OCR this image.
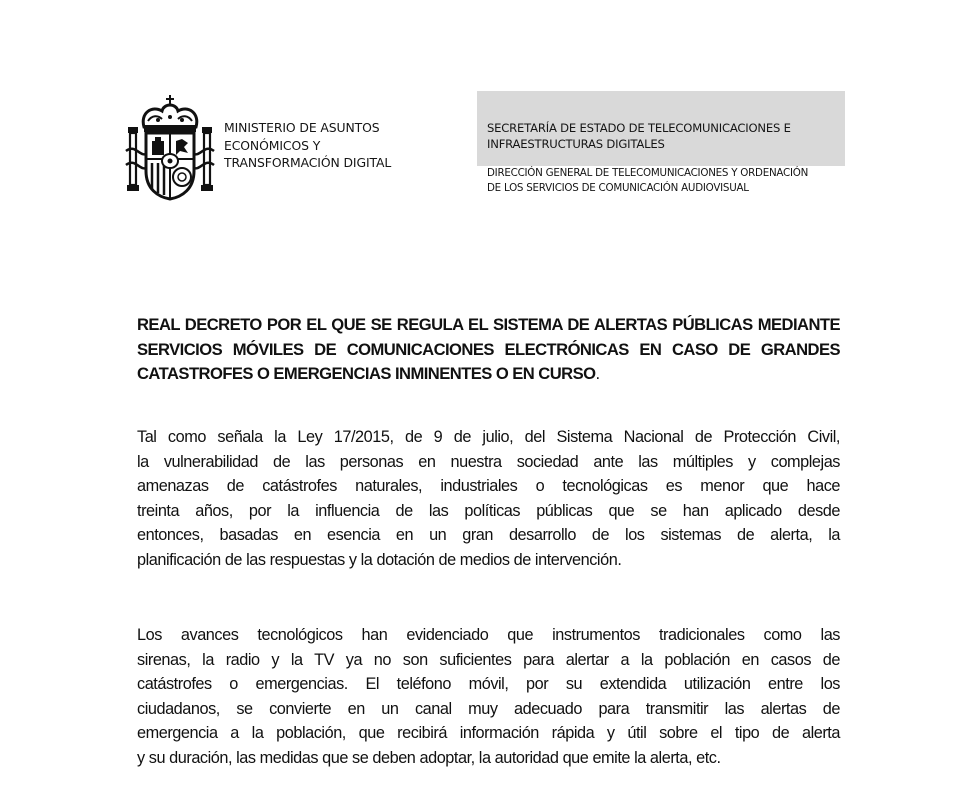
MINISTERIO DE ASUNTOS
ECONÓMICOS Y
TRANSFORMACIÓN DIGITAL
SECRETARÍA DE ESTADO DE TELECOMUNICACIONES E
INFRAESTRUCTURAS DIGITALES
DIRECCIÓN GENERAL DE TELECOMUNICACIONES Y ORDENACIÓN
DE LOS SERVICIOS DE COMUNICACIÓN AUDIOVISUAL
REAL DECRETO POR EL QUE SE REGULA EL SISTEMA DE ALERTAS PÚBLICAS MEDIANTE
SERVICIOS MÓVILES DE COMUNICACIONES ELECTRÓNICAS EN CASO DE GRANDES
CATASTROFES O EMERGENCIAS INMINENTES O EN CURSO.
Tal como señala la Ley 17/2015, de 9 de julio, del Sistema Nacional de Protección Civil,
la vulnerabilidad de las personas en nuestra sociedad ante las múltiples y complejas
amenazas de catástrofes naturales, industriales o tecnológicas es menor que hace
treinta años, por la influencia de las políticas públicas que se han aplicado desde
entonces, basadas en esencia en un gran desarrollo de los sistemas de alerta, la
planificación de las respuestas y la dotación de medios de intervención.
Los avances tecnológicos han evidenciado que instrumentos tradicionales como las
sirenas, la radio y la TV ya no son suficientes para alertar a la población en casos de
catástrofes o emergencias. El teléfono móvil, por su extendida utilización entre los
ciudadanos, se convierte en un canal muy adecuado para transmitir las alertas de
emergencia a la población, que recibirá información rápida y útil sobre el tipo de alerta
y su duración, las medidas que se deben adoptar, la autoridad que emite la alerta, etc.
